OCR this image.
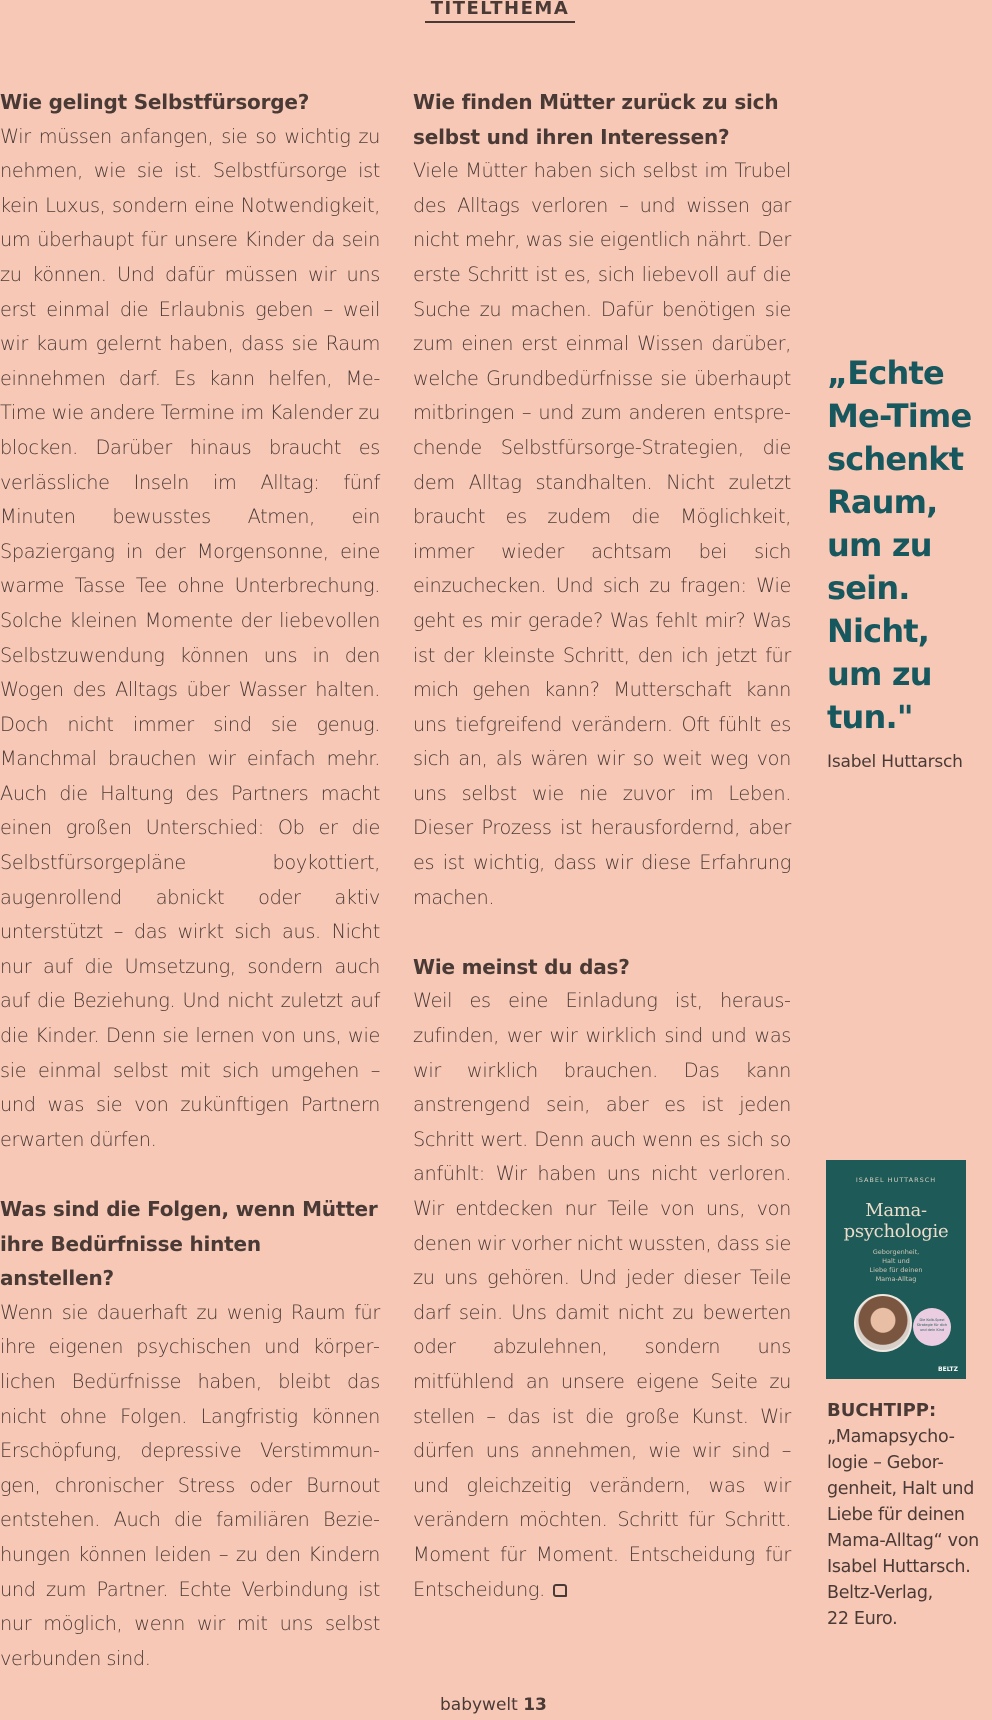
TITELTHEMA
Wie gelingt Selbstfürsorge?

Wir müssen anfangen, sie so wichtig zu nehmen, wie sie ist. Selbstfürsorge ist kein Luxus, sondern eine Notwendigkeit, um überhaupt für unsere Kinder da sein zu können. Und dafür müssen wir uns erst einmal die Erlaubnis geben – weil wir kaum gelernt haben, dass sie Raum einnehmen darf. Es kann helfen, Me-Time wie andere Termine im Kalender zu blocken. Darüber hinaus braucht es verlässliche Inseln im Alltag: fünf Minuten bewusstes Atmen, ein Spaziergang in der Morgensonne, eine warme Tasse Tee ohne Unterbrechung. Solche kleinen Momente der liebevollen Selbstzuwendung können uns in den Wogen des Alltags über Wasser halten. Doch nicht immer sind sie genug. Manchmal brauchen wir einfach mehr. Auch die Haltung des Partners macht einen großen Unterschied: Ob er die Selbstfürsorgepläne boykottiert, augenrollend abnickt oder aktiv unterstützt – das wirkt sich aus. Nicht nur auf die Umsetzung, sondern auch auf die Beziehung. Und nicht zuletzt auf die Kinder. Denn sie lernen von uns, wie sie einmal selbst mit sich umgehen – und was sie von zukünftigen Partnern erwarten dürfen.

Was sind die Folgen, wenn Mütter ihre Bedürfnisse hinten anstellen?

Wenn sie dauerhaft zu wenig Raum für ihre eigenen psychischen und körperlichen Bedürfnisse haben, bleibt das nicht ohne Folgen. Langfristig können Erschöpfung, depressive Verstimmungen, chronischer Stress oder Burnout entstehen. Auch die familiären Beziehungen können leiden – zu den Kindern und zum Partner. Echte Verbindung ist nur möglich, wenn wir mit uns selbst verbunden sind.

Wie finden Mütter zurück zu sich selbst und ihren Interessen?

Viele Mütter haben sich selbst im Trubel des Alltags verloren – und wissen gar nicht mehr, was sie eigentlich nährt. Der erste Schritt ist es, sich liebevoll auf die Suche zu machen. Dafür benötigen sie zum einen erst einmal Wissen darüber, welche Grundbedürfnisse sie überhaupt mitbringen – und zum anderen entsprechende Selbstfürsorge-Strategien, die dem Alltag standhalten. Nicht zuletzt braucht es zudem die Möglichkeit, immer wieder achtsam bei sich einzuchecken. Und sich zu fragen: Wie geht es mir gerade? Was fehlt mir? Was ist der kleinste Schritt, den ich jetzt für mich gehen kann? Mutterschaft kann uns tiefgreifend verändern. Oft fühlt es sich an, als wären wir so weit weg von uns selbst wie nie zuvor im Leben. Dieser Prozess ist herausfordernd, aber es ist wichtig, dass wir diese Erfahrung machen.

Wie meinst du das?

Weil es eine Einladung ist, herauszufinden, wer wir wirklich sind und was wir wirklich brauchen. Das kann anstrengend sein, aber es ist jeden Schritt wert. Denn auch wenn es sich so anfühlt: Wir haben uns nicht verloren. Wir entdecken nur Teile von uns, von denen wir vorher nicht wussten, dass sie zu uns gehören. Und jeder dieser Teile darf sein. Uns damit nicht zu bewerten oder abzulehnen, sondern uns mitfühlend an unsere eigene Seite zu stellen – das ist die große Kunst. Wir dürfen uns annehmen, wie wir sind – und gleichzeitig verändern, was wir verändern möchten. Schritt für Schritt. Moment für Moment. Entscheidung für Entscheidung.

„Echte
Me-Time
schenkt
Raum,
um zu
sein.
Nicht,
um zu
tun."
Isabel Huttarsch
ISABEL HUTTARSCH
Mama-
psychologie
Geborgenheit,
Halt und
Liebe für deinen
Mama-Alltag
Die Kolb-Spezi Strategie für dich und dein Kind
BELTZ
BUCHTIPP:
„Mamapsycho-
logie – Gebor-
genheit, Halt und
Liebe für deinen
Mama-Alltag“ von
Isabel Huttarsch.
Beltz-Verlag,
22 Euro.
babywelt 13
